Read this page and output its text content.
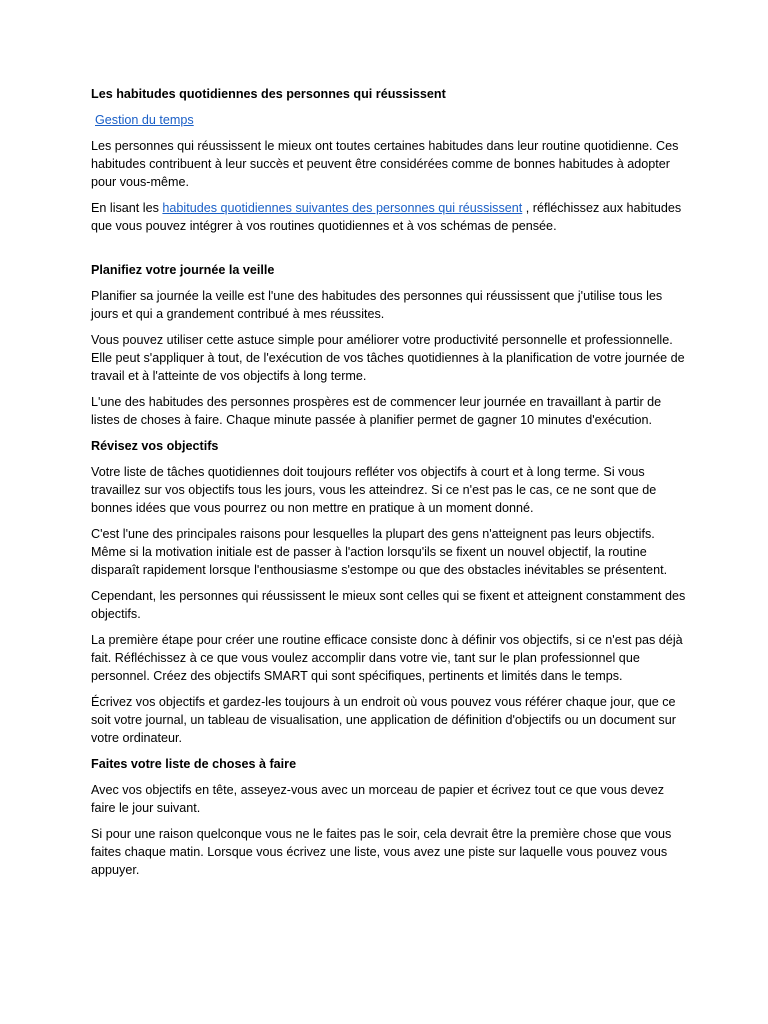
Les habitudes quotidiennes des personnes qui réussissent

Gestion du temps

Les personnes qui réussissent le mieux ont toutes certaines habitudes dans leur routine quotidienne. Ces habitudes contribuent à leur succès et peuvent être considérées comme de bonnes habitudes à adopter pour vous-même.

En lisant les habitudes quotidiennes suivantes des personnes qui réussissent , réfléchissez aux habitudes que vous pouvez intégrer à vos routines quotidiennes et à vos schémas de pensée.

Planifiez votre journée la veille

Planifier sa journée la veille est l'une des habitudes des personnes qui réussissent que j'utilise tous les jours et qui a grandement contribué à mes réussites.

Vous pouvez utiliser cette astuce simple pour améliorer votre productivité personnelle et professionnelle. Elle peut s'appliquer à tout, de l'exécution de vos tâches quotidiennes à la planification de votre journée de travail et à l'atteinte de vos objectifs à long terme.

L'une des habitudes des personnes prospères est de commencer leur journée en travaillant à partir de listes de choses à faire. Chaque minute passée à planifier permet de gagner 10 minutes d'exécution.

Révisez vos objectifs

Votre liste de tâches quotidiennes doit toujours refléter vos objectifs à court et à long terme. Si vous travaillez sur vos objectifs tous les jours, vous les atteindrez. Si ce n'est pas le cas, ce ne sont que de bonnes idées que vous pourrez ou non mettre en pratique à un moment donné.

C'est l'une des principales raisons pour lesquelles la plupart des gens n'atteignent pas leurs objectifs. Même si la motivation initiale est de passer à l'action lorsqu'ils se fixent un nouvel objectif, la routine disparaît rapidement lorsque l'enthousiasme s'estompe ou que des obstacles inévitables se présentent.

Cependant, les personnes qui réussissent le mieux sont celles qui se fixent et atteignent constamment des objectifs.

La première étape pour créer une routine efficace consiste donc à définir vos objectifs, si ce n'est pas déjà fait. Réfléchissez à ce que vous voulez accomplir dans votre vie, tant sur le plan professionnel que personnel. Créez des objectifs SMART qui sont spécifiques, pertinents et limités dans le temps.

Écrivez vos objectifs et gardez-les toujours à un endroit où vous pouvez vous référer chaque jour, que ce soit votre journal, un tableau de visualisation, une application de définition d'objectifs ou un document sur votre ordinateur.

Faites votre liste de choses à faire

Avec vos objectifs en tête, asseyez-vous avec un morceau de papier et écrivez tout ce que vous devez faire le jour suivant.

Si pour une raison quelconque vous ne le faites pas le soir, cela devrait être la première chose que vous faites chaque matin. Lorsque vous écrivez une liste, vous avez une piste sur laquelle vous pouvez vous appuyer.
